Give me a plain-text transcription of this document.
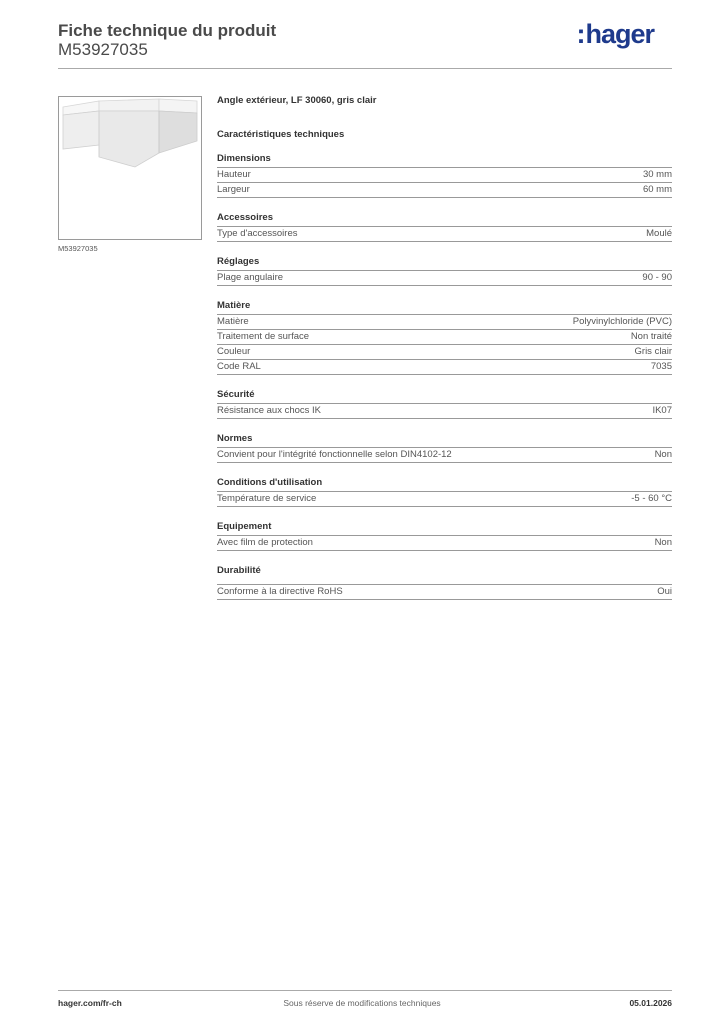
Fiche technique du produit
M53927035
:hager
M53927035
Angle extérieur, LF 30060, gris clair
Caractéristiques techniques
Dimensions
Hauteur	30 mm
Largeur	60 mm
Accessoires
Type d'accessoires	Moulé
Réglages
Plage angulaire	90 - 90
Matière
Matière	Polyvinylchloride (PVC)
Traitement de surface	Non traité
Couleur	Gris clair
Code RAL	7035
Sécurité
Résistance aux chocs IK	IK07
Normes
Convient pour l'intégrité fonctionnelle selon DIN4102-12	Non
Conditions d'utilisation
Température de service	-5 - 60 °C
Equipement
Avec film de protection	Non
Durabilité
Conforme à la directive RoHS	Oui
hager.com/fr-ch	Sous réserve de modifications techniques	05.01.2026
